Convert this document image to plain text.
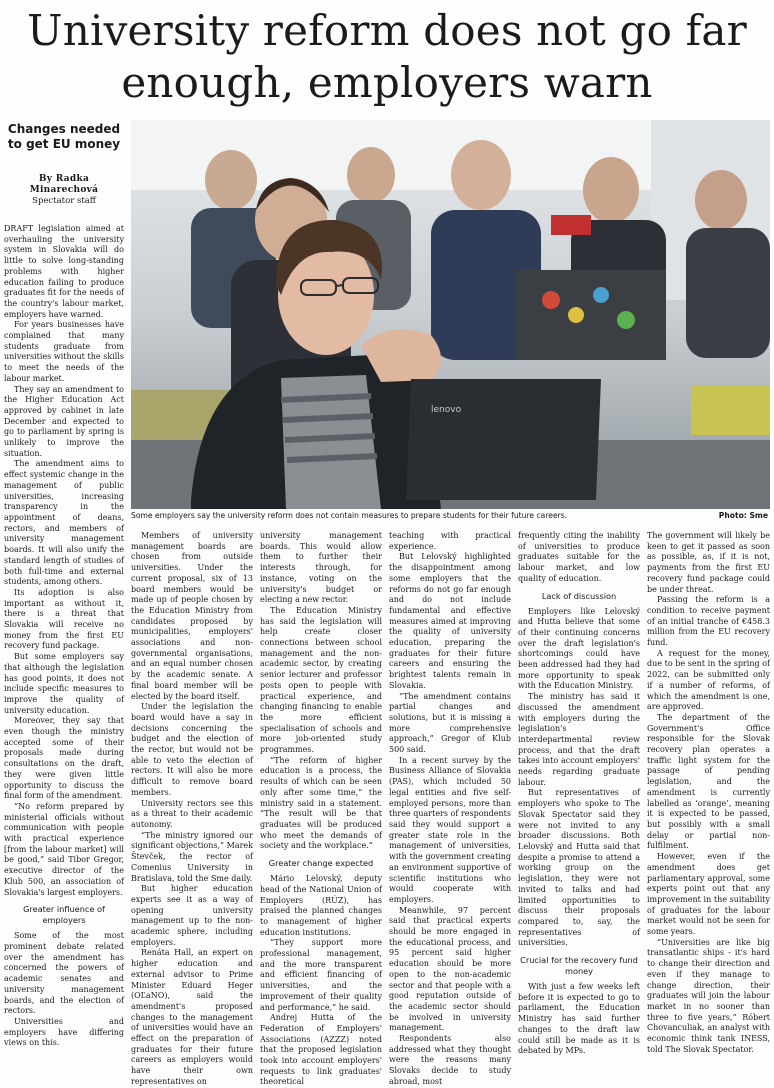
University reform does not go far
enough, employers warn
Changes needed
to get EU money
By Radka
Minarechová
Spectator staff
lenovo
Some employers say the university reform does not contain measures to prepare students for their future careers.	Photo: Sme

DRAFT legislation aimed at overhauling the university system in Slovakia will do little to solve long-standing problems with higher education failing to produce graduates fit for the needs of the country's labour market, employers have warned.

For years businesses have complained that many students graduate from universities without the skills to meet the needs of the labour market.

They say an amendment to the Higher Education Act approved by cabinet in late December and expected to go to parliament by spring is unlikely to improve the situation.

The amendment aims to effect systemic change in the management of public universities, increasing transparency in the appointment of deans, rectors, and members of university management boards. It will also unify the standard length of studies of both full-time and external students, among others.

Its adoption is also important as without it, there is a threat that Slovakia will receive no money from the first EU recovery fund package.

But some employers say that although the legislation has good points, it does not include specific measures to improve the quality of university education.

Moreover, they say that even though the ministry accepted some of their proposals made during consultations on the draft, they were given little opportunity to discuss the final form of the amendment.

“No reform prepared by ministerial officials without communication with people with practical experience [from the labour market] will be good,” said Tibor Gregor, executive director of the Klub 500, an association of Slovakia's largest employers.

Greater influence of employers

Some of the most prominent debate related over the amendment has concerned the powers of academic senates and university management boards, and the election of rectors.

Universities and employers have differing views on this.

Members of university management boards are chosen from outside universities. Under the current proposal, six of 13 board members would be made up of people chosen by the Education Ministry from candidates proposed by municipalities, employers' associations and non-governmental organisations, and an equal number chosen by the academic senate. A final board member will be elected by the board itself.

Under the legislation the board would have a say in decisions concerning the budget and the election of the rector, but would not be able to veto the election of rectors. It will also be more difficult to remove board members.

University rectors see this as a threat to their academic autonomy.

“The ministry ignored our significant objections,” Marek Števček, the rector of Comenius University in Bratislava, told the Sme daily.

But higher education experts see it as a way of opening university management up to the non-academic sphere, including employers.

Renáta Hall, an expert on higher education and external advisor to Prime Minister Eduard Heger (OĽaNO), said the amendment's proposed changes to the management of universities would have an effect on the preparation of graduates for their future careers as employers would have their own representatives on

university management boards. This would allow them to further their interests through, for instance, voting on the university's budget or electing a new rector.

The Education Ministry has said the legislation will help create closer connections between school management and the non-academic sector, by creating senior lecturer and professor posts open to people with practical experience, and changing financing to enable the more efficient specialisation of schools and more job-oriented study programmes.

“The reform of higher education is a process, the results of which can be seen only after some time,” the ministry said in a statement. “The result will be that graduates will be produced who meet the demands of society and the workplace.”

Greater change expected

Mário Lelovský, deputy head of the National Union of Employers (RÚZ), has praised the planned changes to management of higher education institutions.

“They support more professional management, and the more transparent and efficient financing of universities, and the improvement of their quality and performance,” he said.

Andrej Hutta of the Federation of Employers' Associations (AZZZ) noted that the proposed legislation took into account employers' requests to link graduates' theoretical

teaching with practical experience.

But Lelovský highlighted the disappointment among some employers that the reforms do not go far enough and do not include fundamental and effective measures aimed at improving the quality of university education, preparing the graduates for their future careers and ensuring the brightest talents remain in Slovakia.

“The amendment contains partial changes and solutions, but it is missing a more comprehensive approach,” Gregor of Klub 500 said.

In a recent survey by the Business Alliance of Slovakia (PAS), which included 50 legal entities and five self-employed persons, more than three quarters of respondents said they would support a greater state role in the management of universities, with the government creating an environment supportive of scientific institutions who would cooperate with employers.

Meanwhile, 97 percent said that practical experts should be more engaged in the educational process, and 95 percent said higher education should be more open to the non-academic sector and that people with a good reputation outside of the academic sector should be involved in university management.

Respondents also addressed what they thought were the reasons many Slovaks decide to study abroad, most

frequently citing the inability of universities to produce graduates suitable for the labour market, and low quality of education.

Lack of discussion

Employers like Lelovský and Hutta believe that some of their continuing concerns over the draft legislation's shortcomings could have been addressed had they had more opportunity to speak with the Education Ministry.

The ministry has said it discussed the amendment with employers during the legislation's interdepartmental review process, and that the draft takes into account employers' needs regarding graduate labour.

But representatives of employers who spoke to The Slovak Spectator said they were not invited to any broader discussions. Both Lelovský and Hutta said that despite a promise to attend a working group on the legislation, they were not invited to talks and had limited opportunities to discuss their proposals compared to, say, the representatives of universities.

Crucial for the recovery fund money

With just a few weeks left before it is expected to go to parliament, the Education Ministry has said further changes to the draft law could still be made as it is debated by MPs.

The government will likely be keen to get it passed as soon as possible, as, if it is not, payments from the first EU recovery fund package could be under threat.

Passing the reform is a condition to receive payment of an initial tranche of €458.3 million from the EU recovery fund.

A request for the money, due to be sent in the spring of 2022, can be submitted only if a number of reforms, of which the amendment is one, are approved.

The department of the Government's Office responsible for the Slovak recovery plan operates a traffic light system for the passage of pending legislation, and the amendment is currently labelled as ‘orange’, meaning it is expected to be passed, but possibly with a small delay or partial non-fulfilment.

However, even if the amendment does get parliamentary approval, some experts point out that any improvement in the suitability of graduates for the labour market would not be seen for some years.

“Universities are like big transatlantic ships - it's hard to change their direction and even if they manage to change direction, their graduates will join the labour market in no sooner than three to five years,” Róbert Chovanculiak, an analyst with economic think tank INESS, told The Slovak Spectator.
